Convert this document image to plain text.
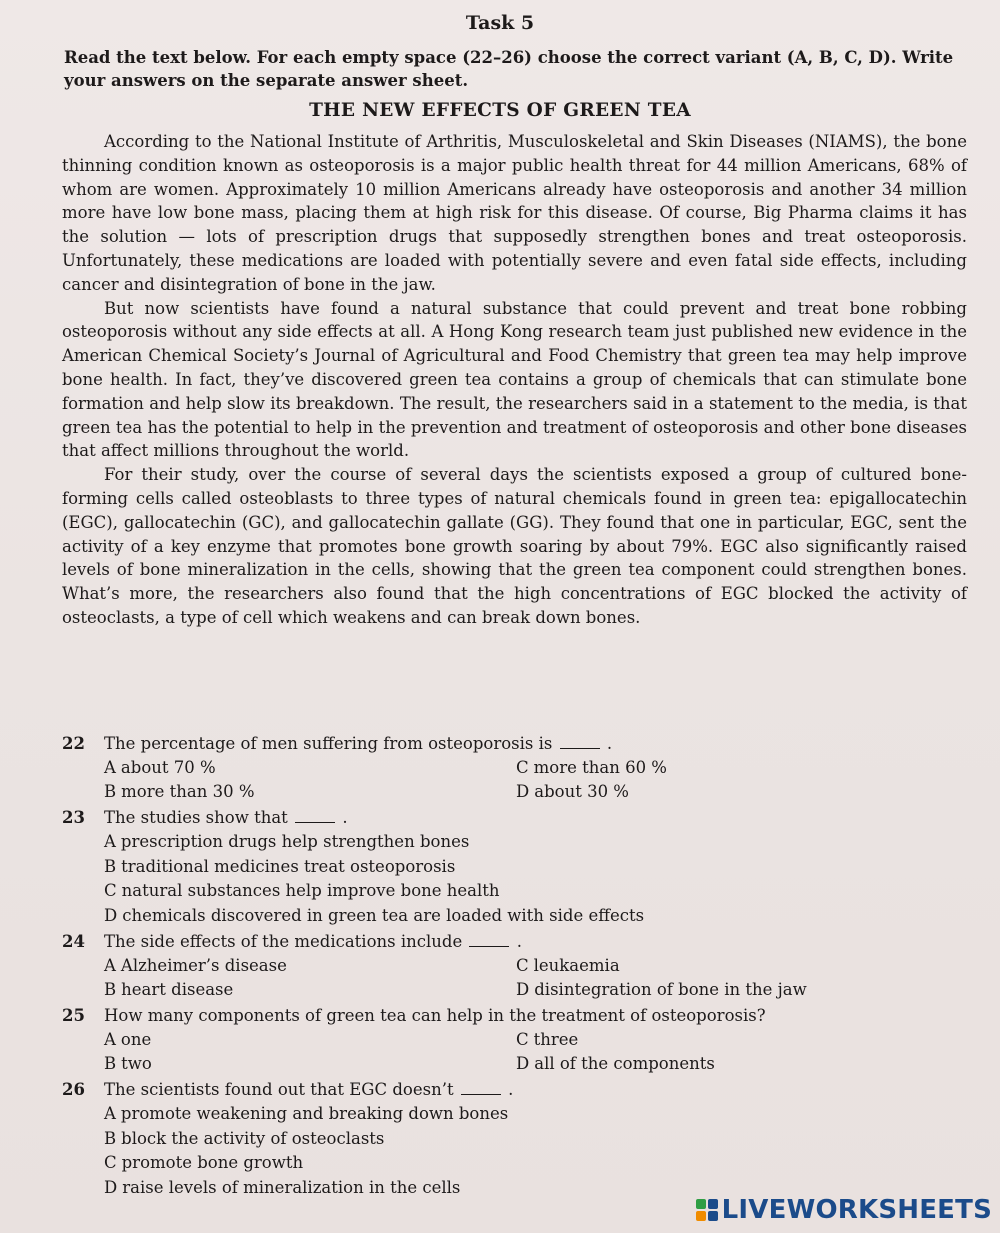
Task 5
Read the text below. For each empty space (22–26) choose the correct variant (A, B, C, D). Write your answers on the separate answer sheet.
THE NEW EFFECTS OF GREEN TEA

According to the National Institute of Arthritis, Musculoskeletal and Skin Diseases (NIAMS), the bone thinning condition known as osteoporosis is a major public health threat for 44 million Americans, 68% of whom are women. Approximately 10 million Americans already have osteoporosis and another 34 million more have low bone mass, placing them at high risk for this disease. Of course, Big Pharma claims it has the solution — lots of prescription drugs that supposedly strengthen bones and treat osteoporosis. Unfortunately, these medications are loaded with potentially severe and even fatal side effects, including cancer and disintegration of bone in the jaw.

But now scientists have found a natural substance that could prevent and treat bone robbing osteoporosis without any side effects at all. A Hong Kong research team just published new evidence in the American Chemical Society’s Journal of Agricultural and Food Chemistry that green tea may help improve bone health. In fact, they’ve discovered green tea contains a group of chemicals that can stimulate bone formation and help slow its breakdown. The result, the researchers said in a statement to the media, is that green tea has the potential to help in the prevention and treatment of osteoporosis and other bone diseases that affect millions throughout the world.

For their study, over the course of several days the scientists exposed a group of cultured bone-forming cells called osteoblasts to three types of natural chemicals found in green tea: epigallocatechin (EGC), gallocatechin (GC), and gallocatechin gallate (GG). They found that one in particular, EGC, sent the activity of a key enzyme that promotes bone growth soaring by about 79%. EGC also significantly raised levels of bone mineralization in the cells, showing that the green tea component could strengthen bones. What’s more, the researchers also found that the high concentrations of EGC blocked the activity of osteoclasts, a type of cell which weakens and can break down bones.

22	The percentage of men suffering from osteoporosis is	.
A about 70 %	C more than 60 %
B more than 30 %	D about 30 %
23	The studies show that	.
A prescription drugs help strengthen bones
B traditional medicines treat osteoporosis
C natural substances help improve bone health
D chemicals discovered in green tea are loaded with side effects
24	The side effects of the medications include	.
A Alzheimer’s disease	C leukaemia
B heart disease	D disintegration of bone in the jaw
25	How many components of green tea can help in the treatment of osteoporosis?
A one	C three
B two	D all of the components
26	The scientists found out that EGC doesn’t	.
A promote weakening and breaking down bones
B block the activity of osteoclasts
C promote bone growth
D raise levels of mineralization in the cells
LIVEWORKSHEETS
